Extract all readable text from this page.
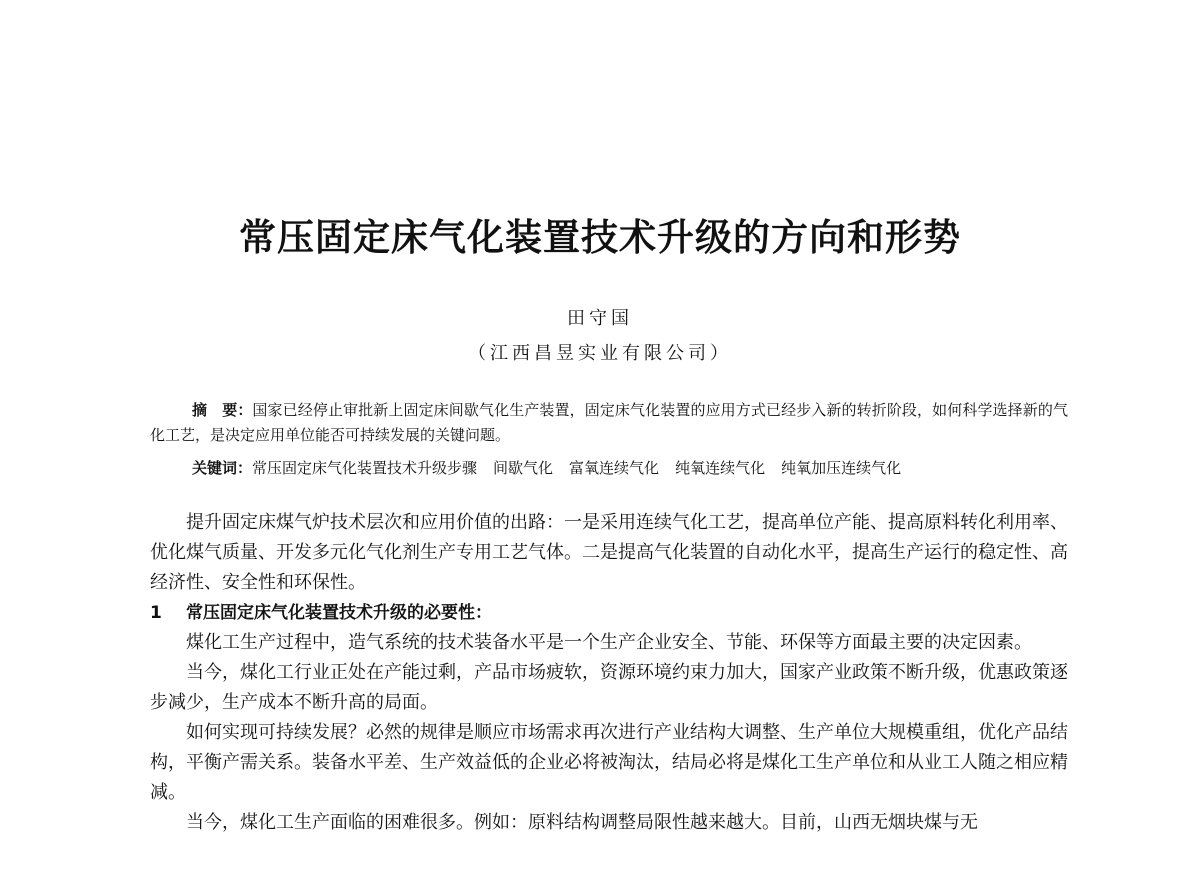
常压固定床气化装置技术升级的方向和形势
田守国
（江西昌昱实业有限公司）
摘　要：国家已经停止审批新上固定床间歇气化生产装置，固定床气化装置的应用方式已经步入新的转折阶段，如何科学选择新的气化工艺，是决定应用单位能否可持续发展的关键问题。
关键词：常压固定床气化装置技术升级步骤 间歇气化 富氧连续气化 纯氧连续气化 纯氧加压连续气化

提升固定床煤气炉技术层次和应用价值的出路：一是采用连续气化工艺，提高单位产能、提高原料转化利用率、优化煤气质量、开发多元化气化剂生产专用工艺气体。二是提高气化装置的自动化水平，提高生产运行的稳定性、高经济性、安全性和环保性。

1 常压固定床气化装置技术升级的必要性：

煤化工生产过程中，造气系统的技术装备水平是一个生产企业安全、节能、环保等方面最主要的决定因素。

当今，煤化工行业正处在产能过剩，产品市场疲软，资源环境约束力加大，国家产业政策不断升级，优惠政策逐步减少，生产成本不断升高的局面。

如何实现可持续发展？必然的规律是顺应市场需求再次进行产业结构大调整、生产单位大规模重组，优化产品结构，平衡产需关系。装备水平差、生产效益低的企业必将被淘汰，结局必将是煤化工生产单位和从业工人随之相应精减。

当今，煤化工生产面临的困难很多。例如：原料结构调整局限性越来越大。目前，山西无烟块煤与无
